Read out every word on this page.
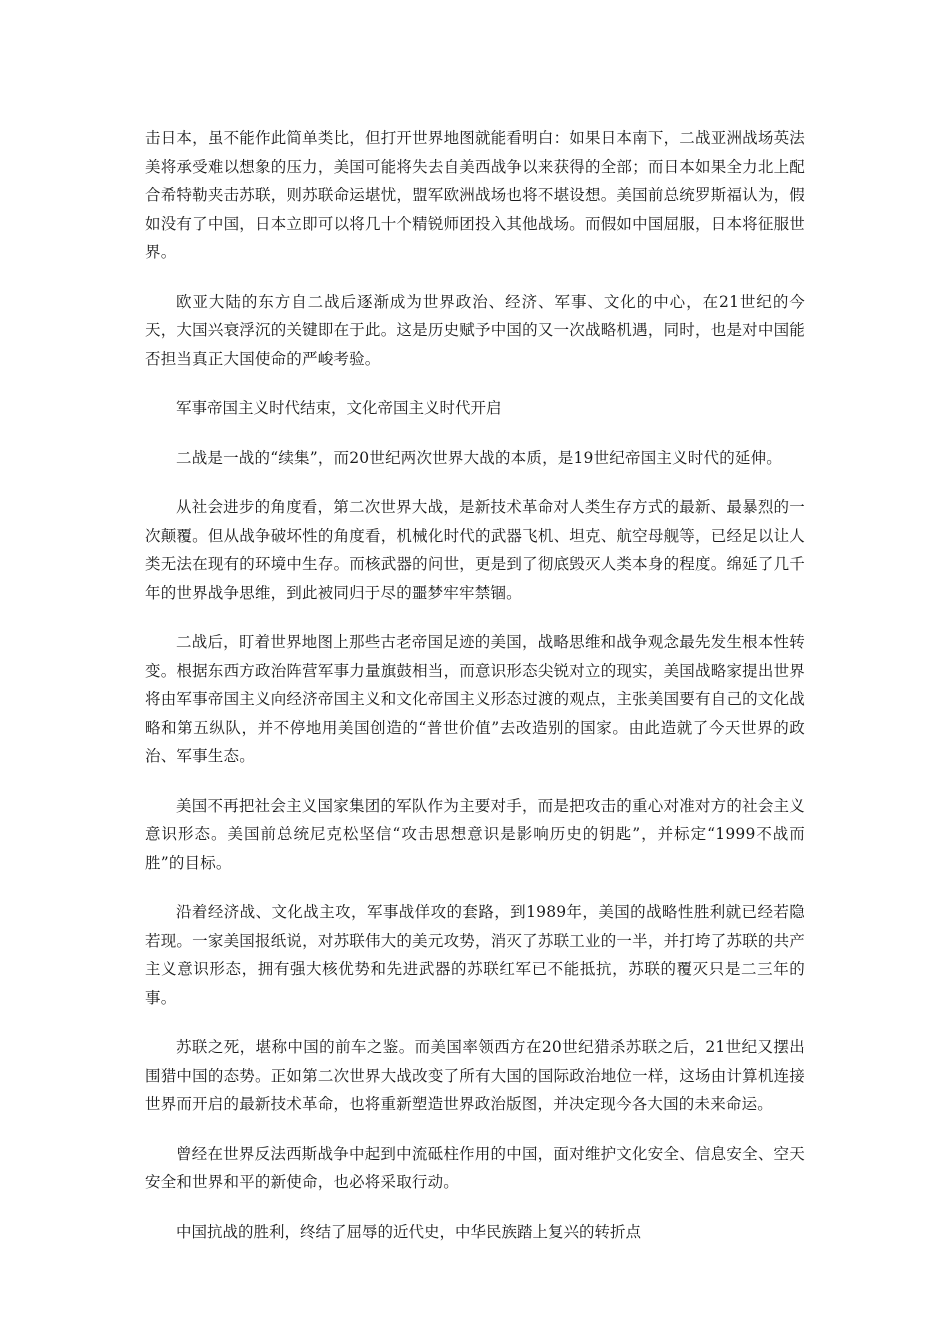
击日本，虽不能作此简单类比，但打开世界地图就能看明白：如果日本南下，二战亚洲战场英法美将承受难以想象的压力，美国可能将失去自美西战争以来获得的全部；而日本如果全力北上配合希特勒夹击苏联，则苏联命运堪忧，盟军欧洲战场也将不堪设想。美国前总统罗斯福认为，假如没有了中国，日本立即可以将几十个精锐师团投入其他战场。而假如中国屈服，日本将征服世界。

欧亚大陆的东方自二战后逐渐成为世界政治、经济、军事、文化的中心，在21世纪的今天，大国兴衰浮沉的关键即在于此。这是历史赋予中国的又一次战略机遇，同时，也是对中国能否担当真正大国使命的严峻考验。

军事帝国主义时代结束，文化帝国主义时代开启

二战是一战的“续集”，而20世纪两次世界大战的本质，是19世纪帝国主义时代的延伸。

从社会进步的角度看，第二次世界大战，是新技术革命对人类生存方式的最新、最暴烈的一次颠覆。但从战争破坏性的角度看，机械化时代的武器飞机、坦克、航空母舰等，已经足以让人类无法在现有的环境中生存。而核武器的问世，更是到了彻底毁灭人类本身的程度。绵延了几千年的世界战争思维，到此被同归于尽的噩梦牢牢禁锢。

二战后，盯着世界地图上那些古老帝国足迹的美国，战略思维和战争观念最先发生根本性转变。根据东西方政治阵营军事力量旗鼓相当，而意识形态尖锐对立的现实，美国战略家提出世界将由军事帝国主义向经济帝国主义和文化帝国主义形态过渡的观点，主张美国要有自己的文化战略和第五纵队，并不停地用美国创造的“普世价值”去改造别的国家。由此造就了今天世界的政治、军事生态。

美国不再把社会主义国家集团的军队作为主要对手，而是把攻击的重心对准对方的社会主义意识形态。美国前总统尼克松坚信“攻击思想意识是影响历史的钥匙”，并标定“1999不战而胜”的目标。

沿着经济战、文化战主攻，军事战佯攻的套路，到1989年，美国的战略性胜利就已经若隐若现。一家美国报纸说，对苏联伟大的美元攻势，消灭了苏联工业的一半，并打垮了苏联的共产主义意识形态，拥有强大核优势和先进武器的苏联红军已不能抵抗，苏联的覆灭只是二三年的事。

苏联之死，堪称中国的前车之鉴。而美国率领西方在20世纪猎杀苏联之后，21世纪又摆出围猎中国的态势。正如第二次世界大战改变了所有大国的国际政治地位一样，这场由计算机连接世界而开启的最新技术革命，也将重新塑造世界政治版图，并决定现今各大国的未来命运。

曾经在世界反法西斯战争中起到中流砥柱作用的中国，面对维护文化安全、信息安全、空天安全和世界和平的新使命，也必将采取行动。

中国抗战的胜利，终结了屈辱的近代史，中华民族踏上复兴的转折点
